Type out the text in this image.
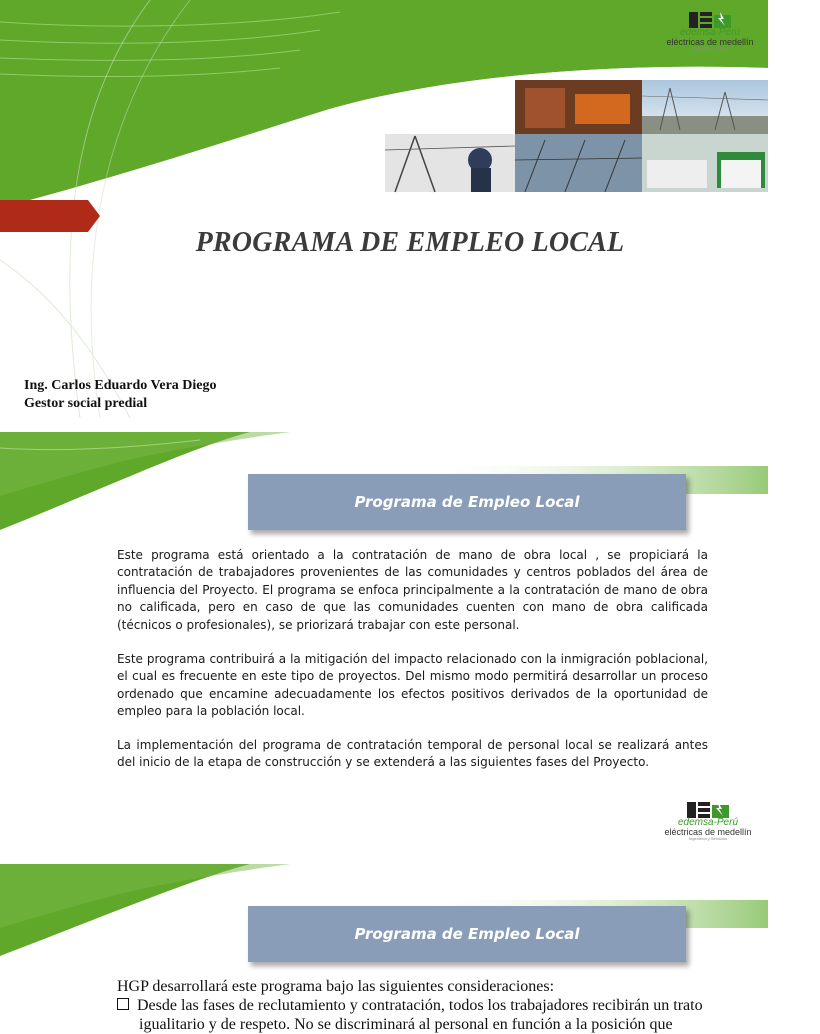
edemsa-Perú
eléctricas de medellín
Ingeniería y Servicios
PROGRAMA DE EMPLEO LOCAL
Ing. Carlos Eduardo Vera Diego
Gestor social predial
Programa de Empleo Local

Este programa está orientado a la contratación de mano de obra local , se propiciará la contratación de trabajadores provenientes de las comunidades y centros poblados del área de influencia del Proyecto. El programa se enfoca principalmente a la contratación de mano de obra no calificada, pero en caso de que las comunidades cuenten con mano de obra calificada (técnicos o profesionales), se priorizará trabajar con este personal.

Este programa contribuirá a la mitigación del impacto relacionado con la inmigración poblacional, el cual es frecuente en este tipo de proyectos. Del mismo modo permitirá desarrollar un proceso ordenado que encamine adecuadamente los efectos positivos derivados de la oportunidad de empleo para la población local.

La implementación del programa de contratación temporal de personal local se realizará antes del inicio de la etapa de construcción y se extenderá a las siguientes fases del Proyecto.

edemsa-Perú
eléctricas de medellín
Ingeniería y Servicios
Programa de Empleo Local

HGP desarrollará este programa bajo las siguientes consideraciones:

Desde las fases de reclutamiento y contratación, todos los trabajadores recibirán un trato

igualitario y de respeto. No se discriminará al personal en función a la posición que
